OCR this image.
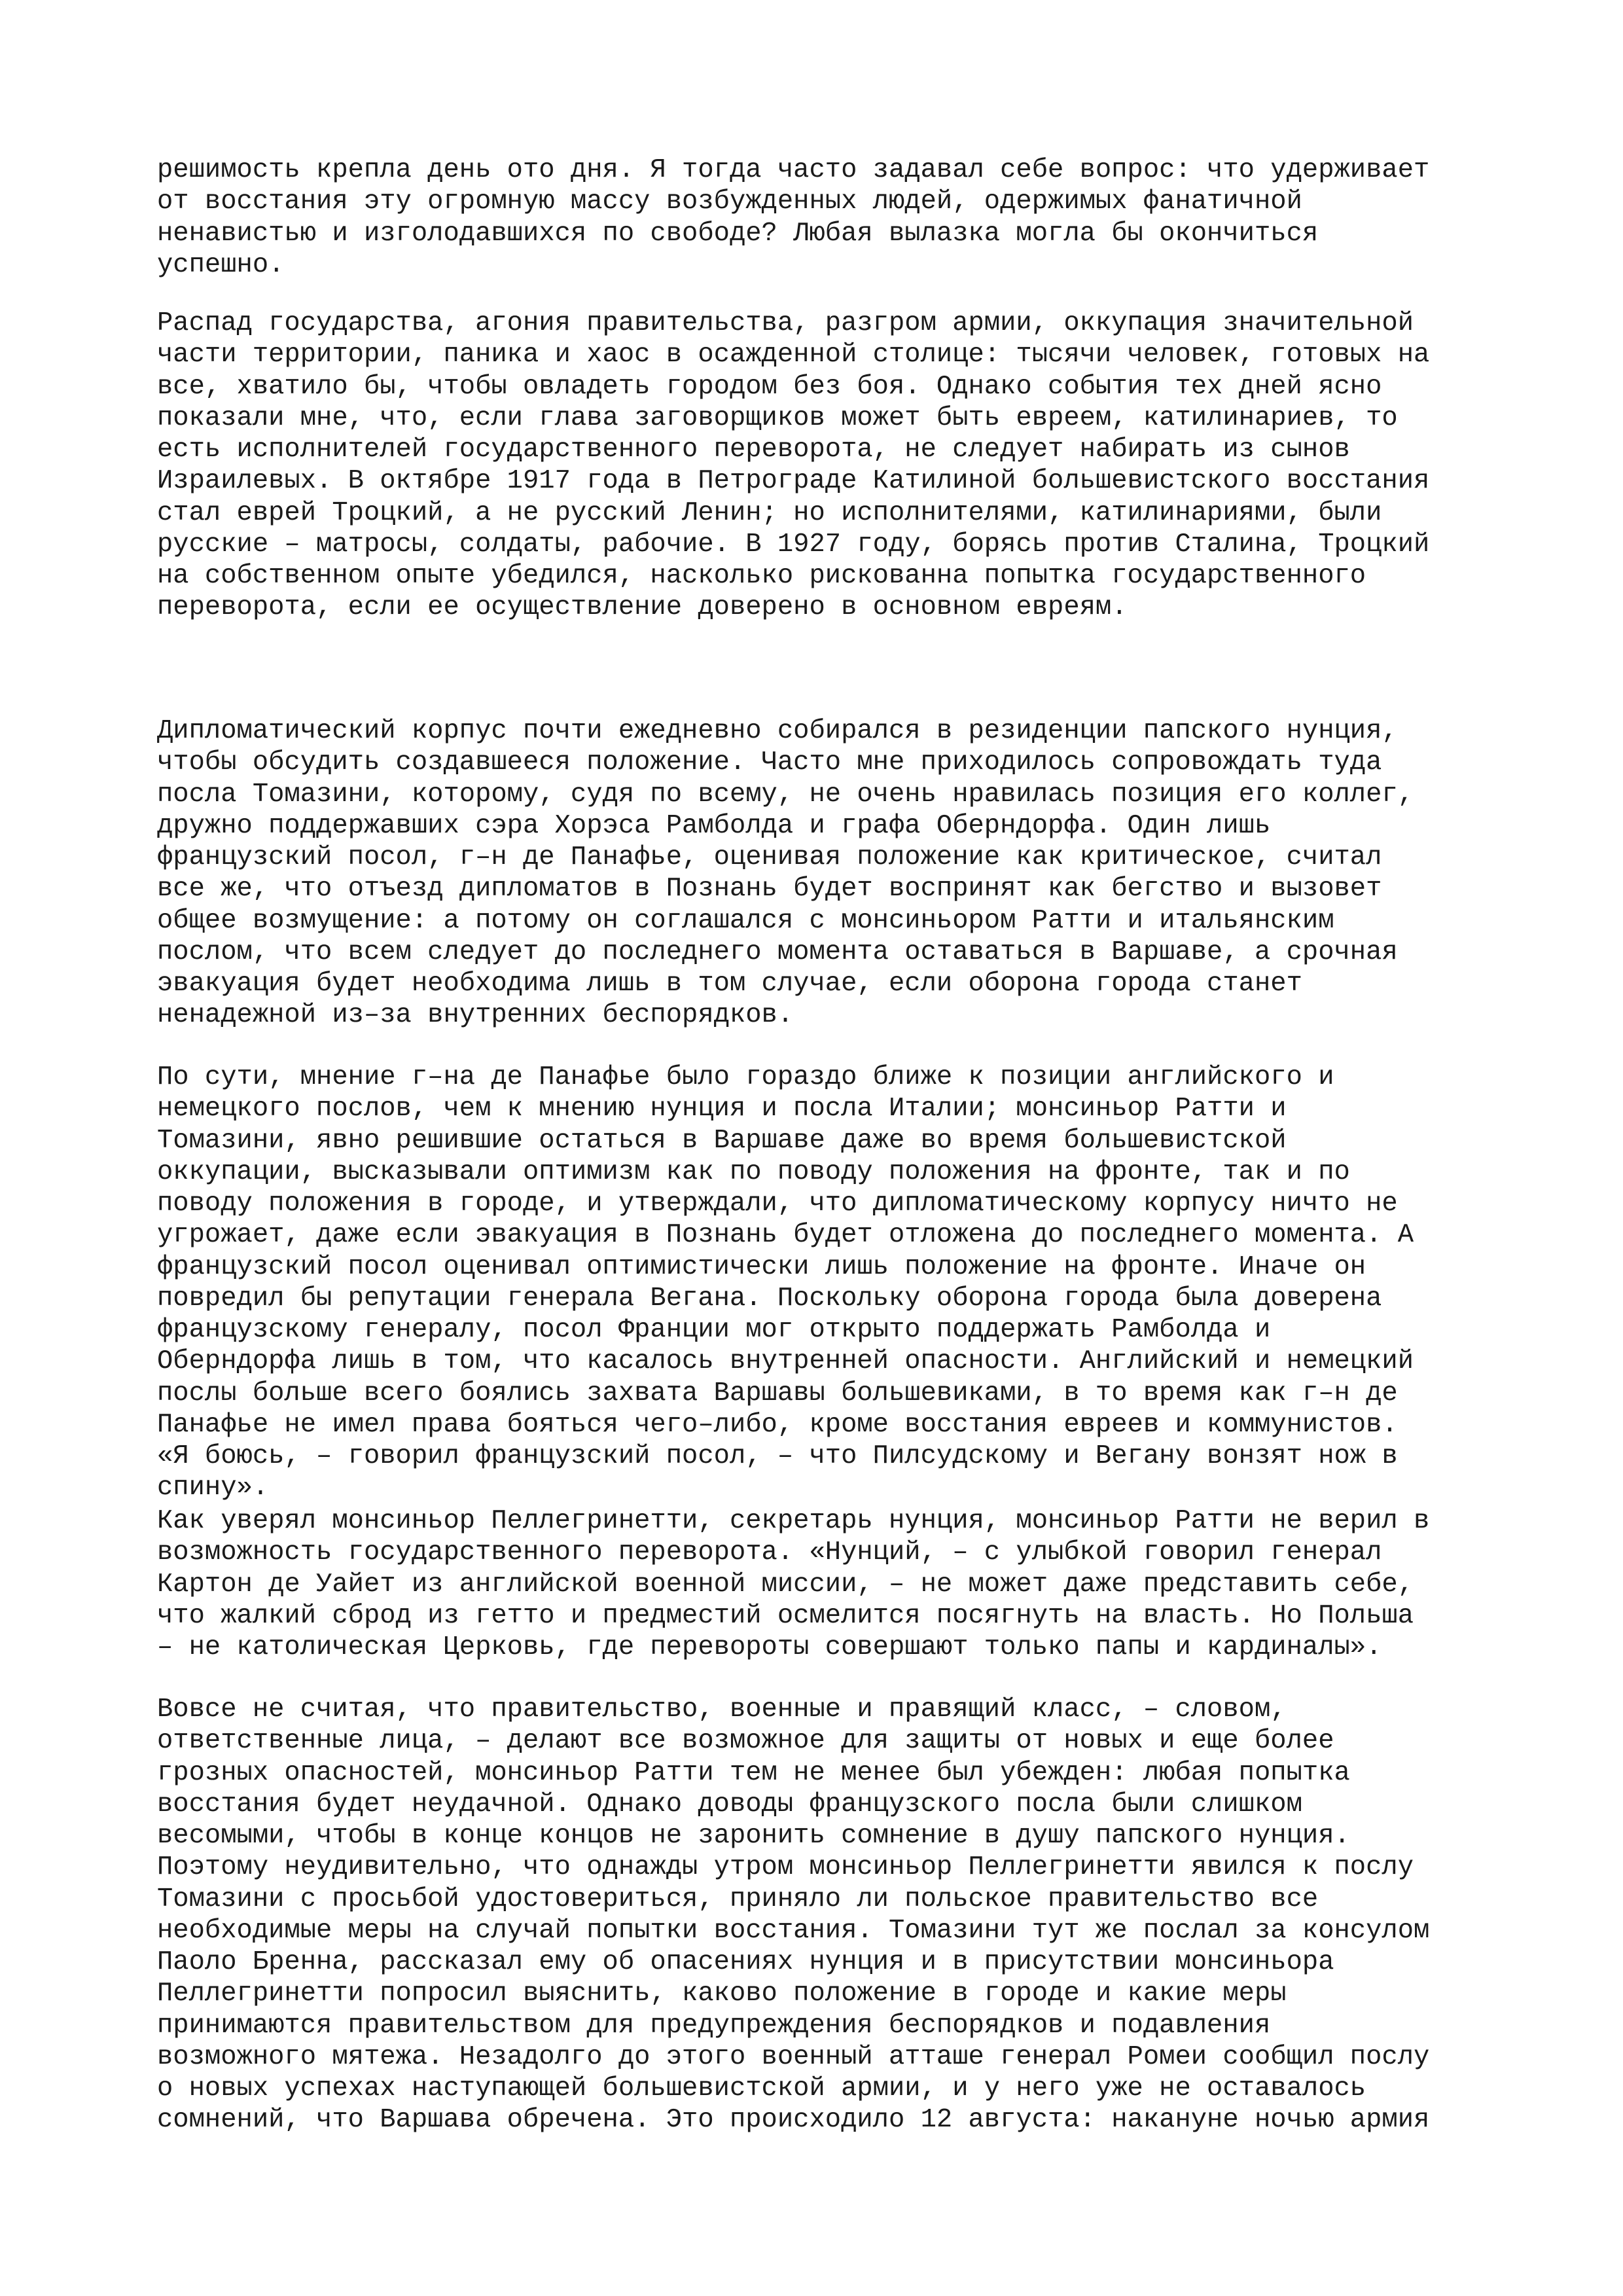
решимость крепла день ото дня. Я тогда часто задавал себе вопрос: что удерживает
от восстания эту огромную массу возбужденных людей, одержимых фанатичной
ненавистью и изголодавшихся по свободе? Любая вылазка могла бы окончиться
успешно.
Распад государства, агония правительства, разгром армии, оккупация значительной
части территории, паника и хаос в осажденной столице: тысячи человек, готовых на
все, хватило бы, чтобы овладеть городом без боя. Однако события тех дней ясно
показали мне, что, если глава заговорщиков может быть евреем, катилинариев, то
есть исполнителей государственного переворота, не следует набирать из сынов
Израилевых. В октябре 1917 года в Петрограде Катилиной большевистского восстания
стал еврей Троцкий, а не русский Ленин; но исполнителями, катилинариями, были
русские – матросы, солдаты, рабочие. В 1927 году, борясь против Сталина, Троцкий
на собственном опыте убедился, насколько рискованна попытка государственного
переворота, если ее осуществление доверено в основном евреям.
Дипломатический корпус почти ежедневно собирался в резиденции папского нунция,
чтобы обсудить создавшееся положение. Часто мне приходилось сопровождать туда
посла Томазини, которому, судя по всему, не очень нравилась позиция его коллег,
дружно поддержавших сэра Хорэса Рамболда и графа Оберндорфа. Один лишь
французский посол, г–н де Панафье, оценивая положение как критическое, считал
все же, что отъезд дипломатов в Познань будет воспринят как бегство и вызовет
общее возмущение: а потому он соглашался с монсиньором Ратти и итальянским
послом, что всем следует до последнего момента оставаться в Варшаве, а срочная
эвакуация будет необходима лишь в том случае, если оборона города станет
ненадежной из–за внутренних беспорядков.
По сути, мнение г–на де Панафье было гораздо ближе к позиции английского и
немецкого послов, чем к мнению нунция и посла Италии; монсиньор Ратти и
Томазини, явно решившие остаться в Варшаве даже во время большевистской
оккупации, высказывали оптимизм как по поводу положения на фронте, так и по
поводу положения в городе, и утверждали, что дипломатическому корпусу ничто не
угрожает, даже если эвакуация в Познань будет отложена до последнего момента. А
французский посол оценивал оптимистически лишь положение на фронте. Иначе он
повредил бы репутации генерала Вегана. Поскольку оборона города была доверена
французскому генералу, посол Франции мог открыто поддержать Рамболда и
Оберндорфа лишь в том, что касалось внутренней опасности. Английский и немецкий
послы больше всего боялись захвата Варшавы большевиками, в то время как г–н де
Панафье не имел права бояться чего–либо, кроме восстания евреев и коммунистов.
«Я боюсь, – говорил французский посол, – что Пилсудскому и Вегану вонзят нож в
спину».
Как уверял монсиньор Пеллегринетти, секретарь нунция, монсиньор Ратти не верил в
возможность государственного переворота. «Нунций, – с улыбкой говорил генерал
Картон де Уайет из английской военной миссии, – не может даже представить себе,
что жалкий сброд из гетто и предместий осмелится посягнуть на власть. Но Польша
– не католическая Церковь, где перевороты совершают только папы и кардиналы».
Вовсе не считая, что правительство, военные и правящий класс, – словом,
ответственные лица, – делают все возможное для защиты от новых и еще более
грозных опасностей, монсиньор Ратти тем не менее был убежден: любая попытка
восстания будет неудачной. Однако доводы французского посла были слишком
весомыми, чтобы в конце концов не заронить сомнение в душу папского нунция.
Поэтому неудивительно, что однажды утром монсиньор Пеллегринетти явился к послу
Томазини с просьбой удостовериться, приняло ли польское правительство все
необходимые меры на случай попытки восстания. Томазини тут же послал за консулом
Паоло Бренна, рассказал ему об опасениях нунция и в присутствии монсиньора
Пеллегринетти попросил выяснить, каково положение в городе и какие меры
принимаются правительством для предупреждения беспорядков и подавления
возможного мятежа. Незадолго до этого военный атташе генерал Ромеи сообщил послу
о новых успехах наступающей большевистской армии, и у него уже не оставалось
сомнений, что Варшава обречена. Это происходило 12 августа: накануне ночью армия
